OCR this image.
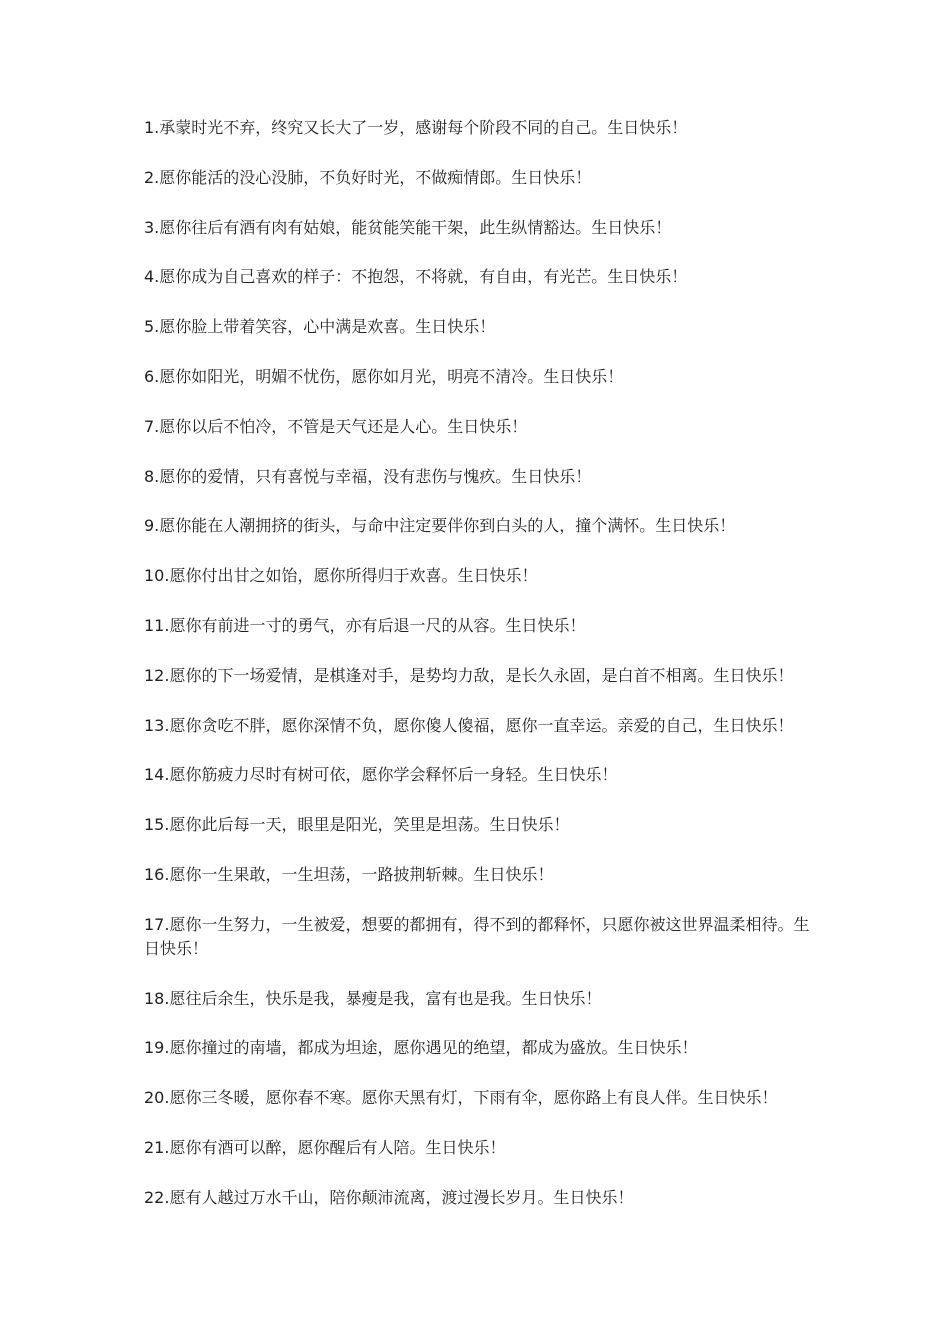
1.承蒙时光不弃，终究又长大了一岁，感谢每个阶段不同的自己。生日快乐！

2.愿你能活的没心没肺，不负好时光，不做痴情郎。生日快乐！

3.愿你往后有酒有肉有姑娘，能贫能笑能干架，此生纵情豁达。生日快乐！

4.愿你成为自己喜欢的样子：不抱怨，不将就，有自由，有光芒。生日快乐！

5.愿你脸上带着笑容，心中满是欢喜。生日快乐！

6.愿你如阳光，明媚不忧伤，愿你如月光，明亮不清冷。生日快乐！

7.愿你以后不怕冷，不管是天气还是人心。生日快乐！

8.愿你的爱情，只有喜悦与幸福，没有悲伤与愧疚。生日快乐！

9.愿你能在人潮拥挤的街头，与命中注定要伴你到白头的人，撞个满怀。生日快乐！

10.愿你付出甘之如饴，愿你所得归于欢喜。生日快乐！

11.愿你有前进一寸的勇气，亦有后退一尺的从容。生日快乐！

12.愿你的下一场爱情，是棋逢对手，是势均力敌，是长久永固，是白首不相离。生日快乐！

13.愿你贪吃不胖，愿你深情不负，愿你傻人傻福，愿你一直幸运。亲爱的自己，生日快乐！

14.愿你筋疲力尽时有树可依，愿你学会释怀后一身轻。生日快乐！

15.愿你此后每一天，眼里是阳光，笑里是坦荡。生日快乐！

16.愿你一生果敢，一生坦荡，一路披荆斩棘。生日快乐！

17.愿你一生努力，一生被爱，想要的都拥有，得不到的都释怀，只愿你被这世界温柔相待。生日快乐！

18.愿往后余生，快乐是我，暴瘦是我，富有也是我。生日快乐！

19.愿你撞过的南墙，都成为坦途，愿你遇见的绝望，都成为盛放。生日快乐！

20.愿你三冬暖，愿你春不寒。愿你天黑有灯，下雨有伞，愿你路上有良人伴。生日快乐！

21.愿你有酒可以醉，愿你醒后有人陪。生日快乐！

22.愿有人越过万水千山，陪你颠沛流离，渡过漫长岁月。生日快乐！
